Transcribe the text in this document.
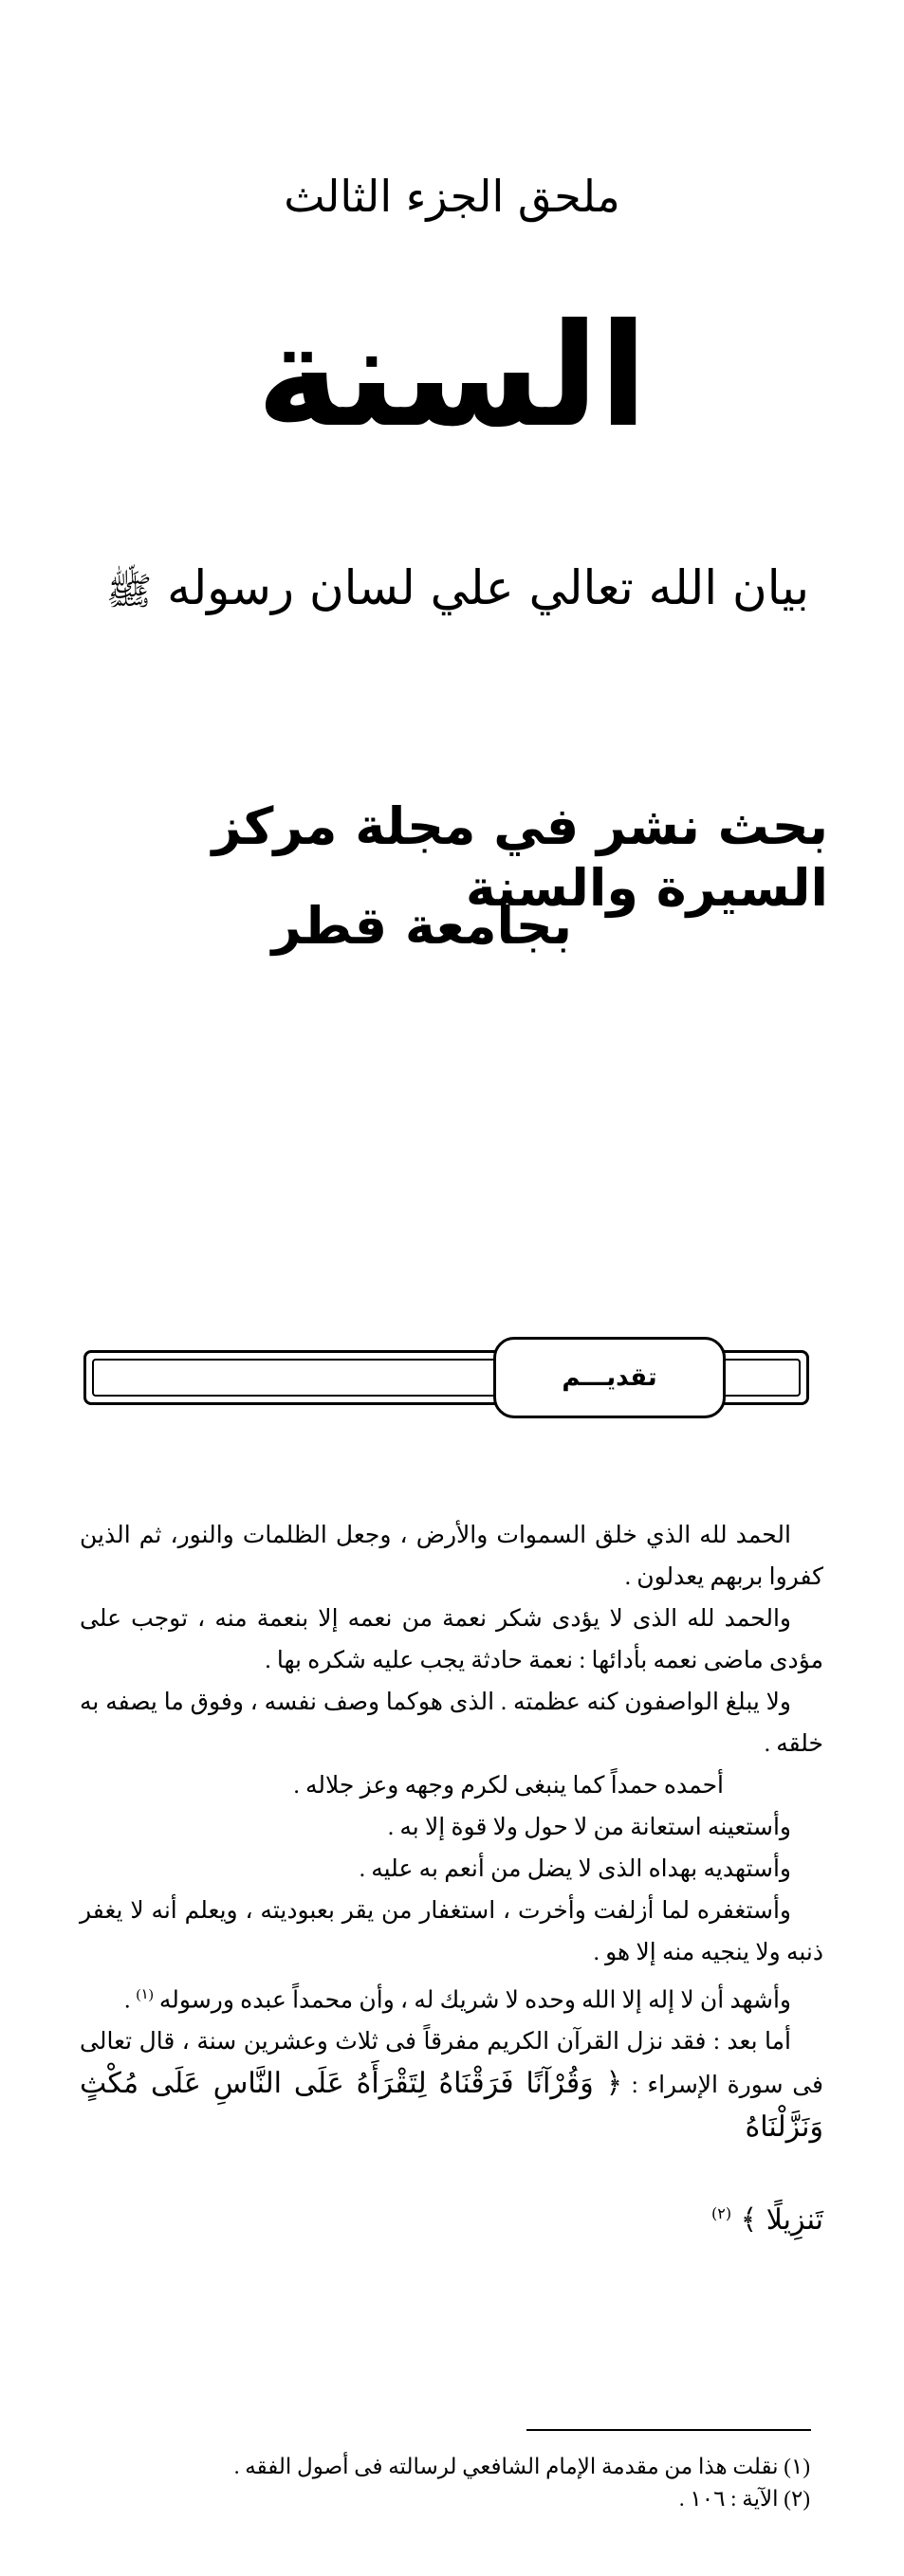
ملحق الجزء الثالث
السنة
بيان الله تعالي علي لسان رسوله ﷺ
بحث نشر في مجلة مركز السيرة والسنة
بجامعة قطر
تقديـــم

الحمد لله الذي خلق السموات والأرض ، وجعل الظلمات والنور، ثم الذين كفروا بربهم يعدلون .

والحمد لله الذى لا يؤدى شكر نعمة من نعمه إلا بنعمة منه ، توجب على مؤدى ماضى نعمه بأدائها : نعمة حادثة يجب عليه شكره بها .

ولا يبلغ الواصفون كنه عظمته . الذى هوكما وصف نفسه ، وفوق ما يصفه به خلقه .

أحمده حمداً كما ينبغى لكرم وجهه وعز جلاله .

وأستعينه استعانة من لا حول ولا قوة إلا به .

وأستهديه بهداه الذى لا يضل من أنعم به عليه .

وأستغفره لما أزلفت وأخرت ، استغفار من يقر بعبوديته ، ويعلم أنه لا يغفر ذنبه ولا ينجيه منه إلا هو .

وأشهد أن لا إله إلا الله وحده لا شريك له ، وأن محمداً عبده ورسوله $^{(١)}$ .

أما بعد : فقد نزل القرآن الكريم مفرقاً فى ثلاث وعشرين سنة ، قال تعالى فى سورة الإسراء : ﴿ وَقُرْآنًا فَرَقْنَاهُ لِتَقْرَأَهُ عَلَى النَّاسِ عَلَى مُكْثٍ وَنَزَّلْنَاهُ

تَنزِيلًا ﴾ $^{(٢)}$
(١) نقلت هذا من مقدمة الإمام الشافعي لرسالته فى أصول الفقه .
(٢) الآية : ١٠٦ .
